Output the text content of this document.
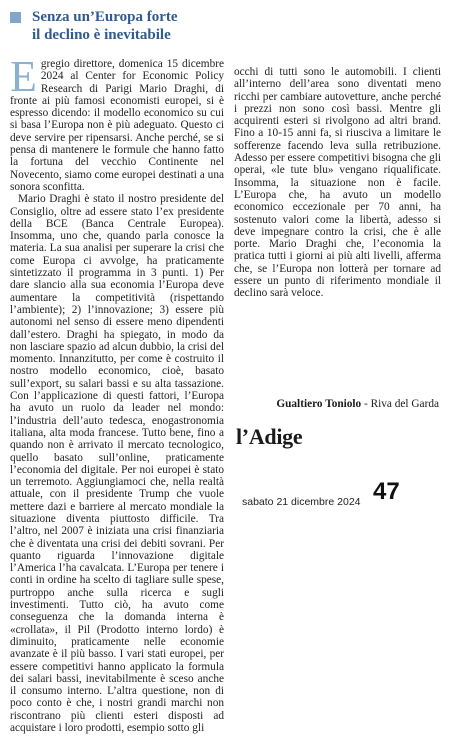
Senza un’Europa forte
il declino è inevitabile

Egregio direttore, domenica 15 dicembre 2024 al Center for Economic Policy Research di Parigi Mario Draghi, di fronte ai più famosi economisti europei, si è espresso dicendo: il modello economico su cui si basa l’Europa non è più adeguato. Questo ci deve servire per ripensarsi. Anche perché, se si pensa di mantenere le formule che hanno fatto la fortuna del vecchio Continente nel Novecento, siamo come europei destinati a una sonora sconfitta.

Mario Draghi è stato il nostro presidente del Consiglio, oltre ad essere stato l’ex presidente della BCE (Banca Centrale Europea). Insomma, uno che, quando parla conosce la materia. La sua analisi per superare la crisi che come Europa ci avvolge, ha praticamente sintetizzato il programma in 3 punti. 1) Per dare slancio alla sua economia l’Europa deve aumentare la competitività (rispettando l’ambiente); 2) l’innovazione; 3) essere più autonomi nel senso di essere meno dipendenti dall’estero. Draghi ha spiegato, in modo da non lasciare spazio ad alcun dubbio, la crisi del momento. Innanzitutto, per come è costruito il nostro modello economico, cioè, basato sull’export, su salari bassi e su alta tassazione. Con l’applicazione di questi fattori, l’Europa ha avuto un ruolo da leader nel mondo: l’industria dell’auto tedesca, enogastronomia italiana, alta moda francese. Tutto bene, fino a quando non è arrivato il mercato tecnologico, quello basato sull’online, praticamente l’economia del digitale. Per noi europei è stato un terremoto. Aggiungiamoci che, nella realtà attuale, con il presidente Trump che vuole mettere dazi e barriere al mercato mondiale la situazione diventa piuttosto difficile. Tra l’altro, nel 2007 è iniziata una crisi finanziaria che è diventata una crisi dei debiti sovrani. Per quanto riguarda l’innovazione digitale l’America l’ha cavalcata. L’Europa per tenere i conti in ordine ha scelto di tagliare sulle spese, purtroppo anche sulla ricerca e sugli investimenti. Tutto ciò, ha avuto come conseguenza che la domanda interna è «crollata», il Pil (Prodotto interno lordo) è diminuito, praticamente nelle economie avanzate è il più basso. I vari stati europei, per essere competitivi hanno applicato la formula dei salari bassi, inevitabilmente è sceso anche il consumo interno. L’altra questione, non di poco conto è che, i nostri grandi marchi non riscontrano più clienti esteri disposti ad acquistare i loro prodotti, esempio sotto gli

occhi di tutti sono le automobili. I clienti all’interno dell’area sono diventati meno ricchi per cambiare autovetture, anche perché i prezzi non sono così bassi. Mentre gli acquirenti esteri si rivolgono ad altri brand. Fino a 10-15 anni fa, si riusciva a limitare le sofferenze facendo leva sulla retribuzione. Adesso per essere competitivi bisogna che gli operai, «le tute blu» vengano riqualificate. Insomma, la situazione non è facile. L’Europa che, ha avuto un modello economico eccezionale per 70 anni, ha sostenuto valori come la libertà, adesso si deve impegnare contro la crisi, che è alle porte. Mario Draghi che, l’economia la pratica tutti i giorni ai più alti livelli, afferma che, se l’Europa non lotterà per tornare ad essere un punto di riferimento mondiale il declino sarà veloce.

Gualtiero Toniolo - Riva del Garda
l’Adige
sabato 21 dicembre 2024 47
